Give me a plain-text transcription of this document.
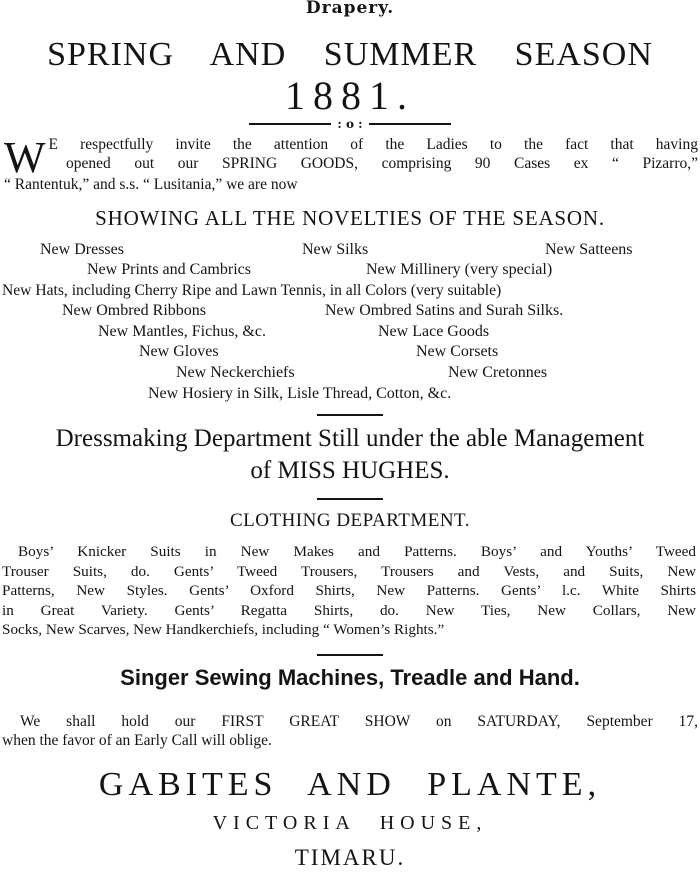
Drapery.
SPRING AND SUMMER SEASON
1881.
: o :
W E respectfully invite the attention of the Ladies to the fact that having

opened out our SPRING GOODS, comprising 90 Cases ex “ Pizarro,”

“ Rantentuk,” and s.s. “ Lusitania,” we are now

SHOWING ALL THE NOVELTIES OF THE SEASON.
New Dresses	New Silks	New Satteens
New Prints and Cambrics	New Millinery (very special)
New Hats, including Cherry Ripe and Lawn Tennis, in all Colors (very suitable)
New Ombred Ribbons	New Ombred Satins and Surah Silks.
New Mantles, Fichus, &c.	New Lace Goods
New Gloves	New Corsets
New Neckerchiefs	New Cretonnes
New Hosiery in Silk, Lisle Thread, Cotton, &c.
Dressmaking Department Still under the able Management
of MISS HUGHES.
CLOTHING DEPARTMENT.
Boys’ Knicker Suits in New Makes and Patterns. Boys’ and Youths’ Tweed
Trouser Suits, do. Gents’ Tweed Trousers, Trousers and Vests, and Suits, New
Patterns, New Styles. Gents’ Oxford Shirts, New Patterns. Gents’ l.c. White Shirts
in Great Variety. Gents’ Regatta Shirts, do. New Ties, New Collars, New
Socks, New Scarves, New Handkerchiefs, including “ Women’s Rights.”
Singer Sewing Machines, Treadle and Hand.
We shall hold our FIRST GREAT SHOW on SATURDAY, September 17,
when the favor of an Early Call will oblige.
GABITES AND PLANTE,
VICTORIA HOUSE,
TIMARU.
